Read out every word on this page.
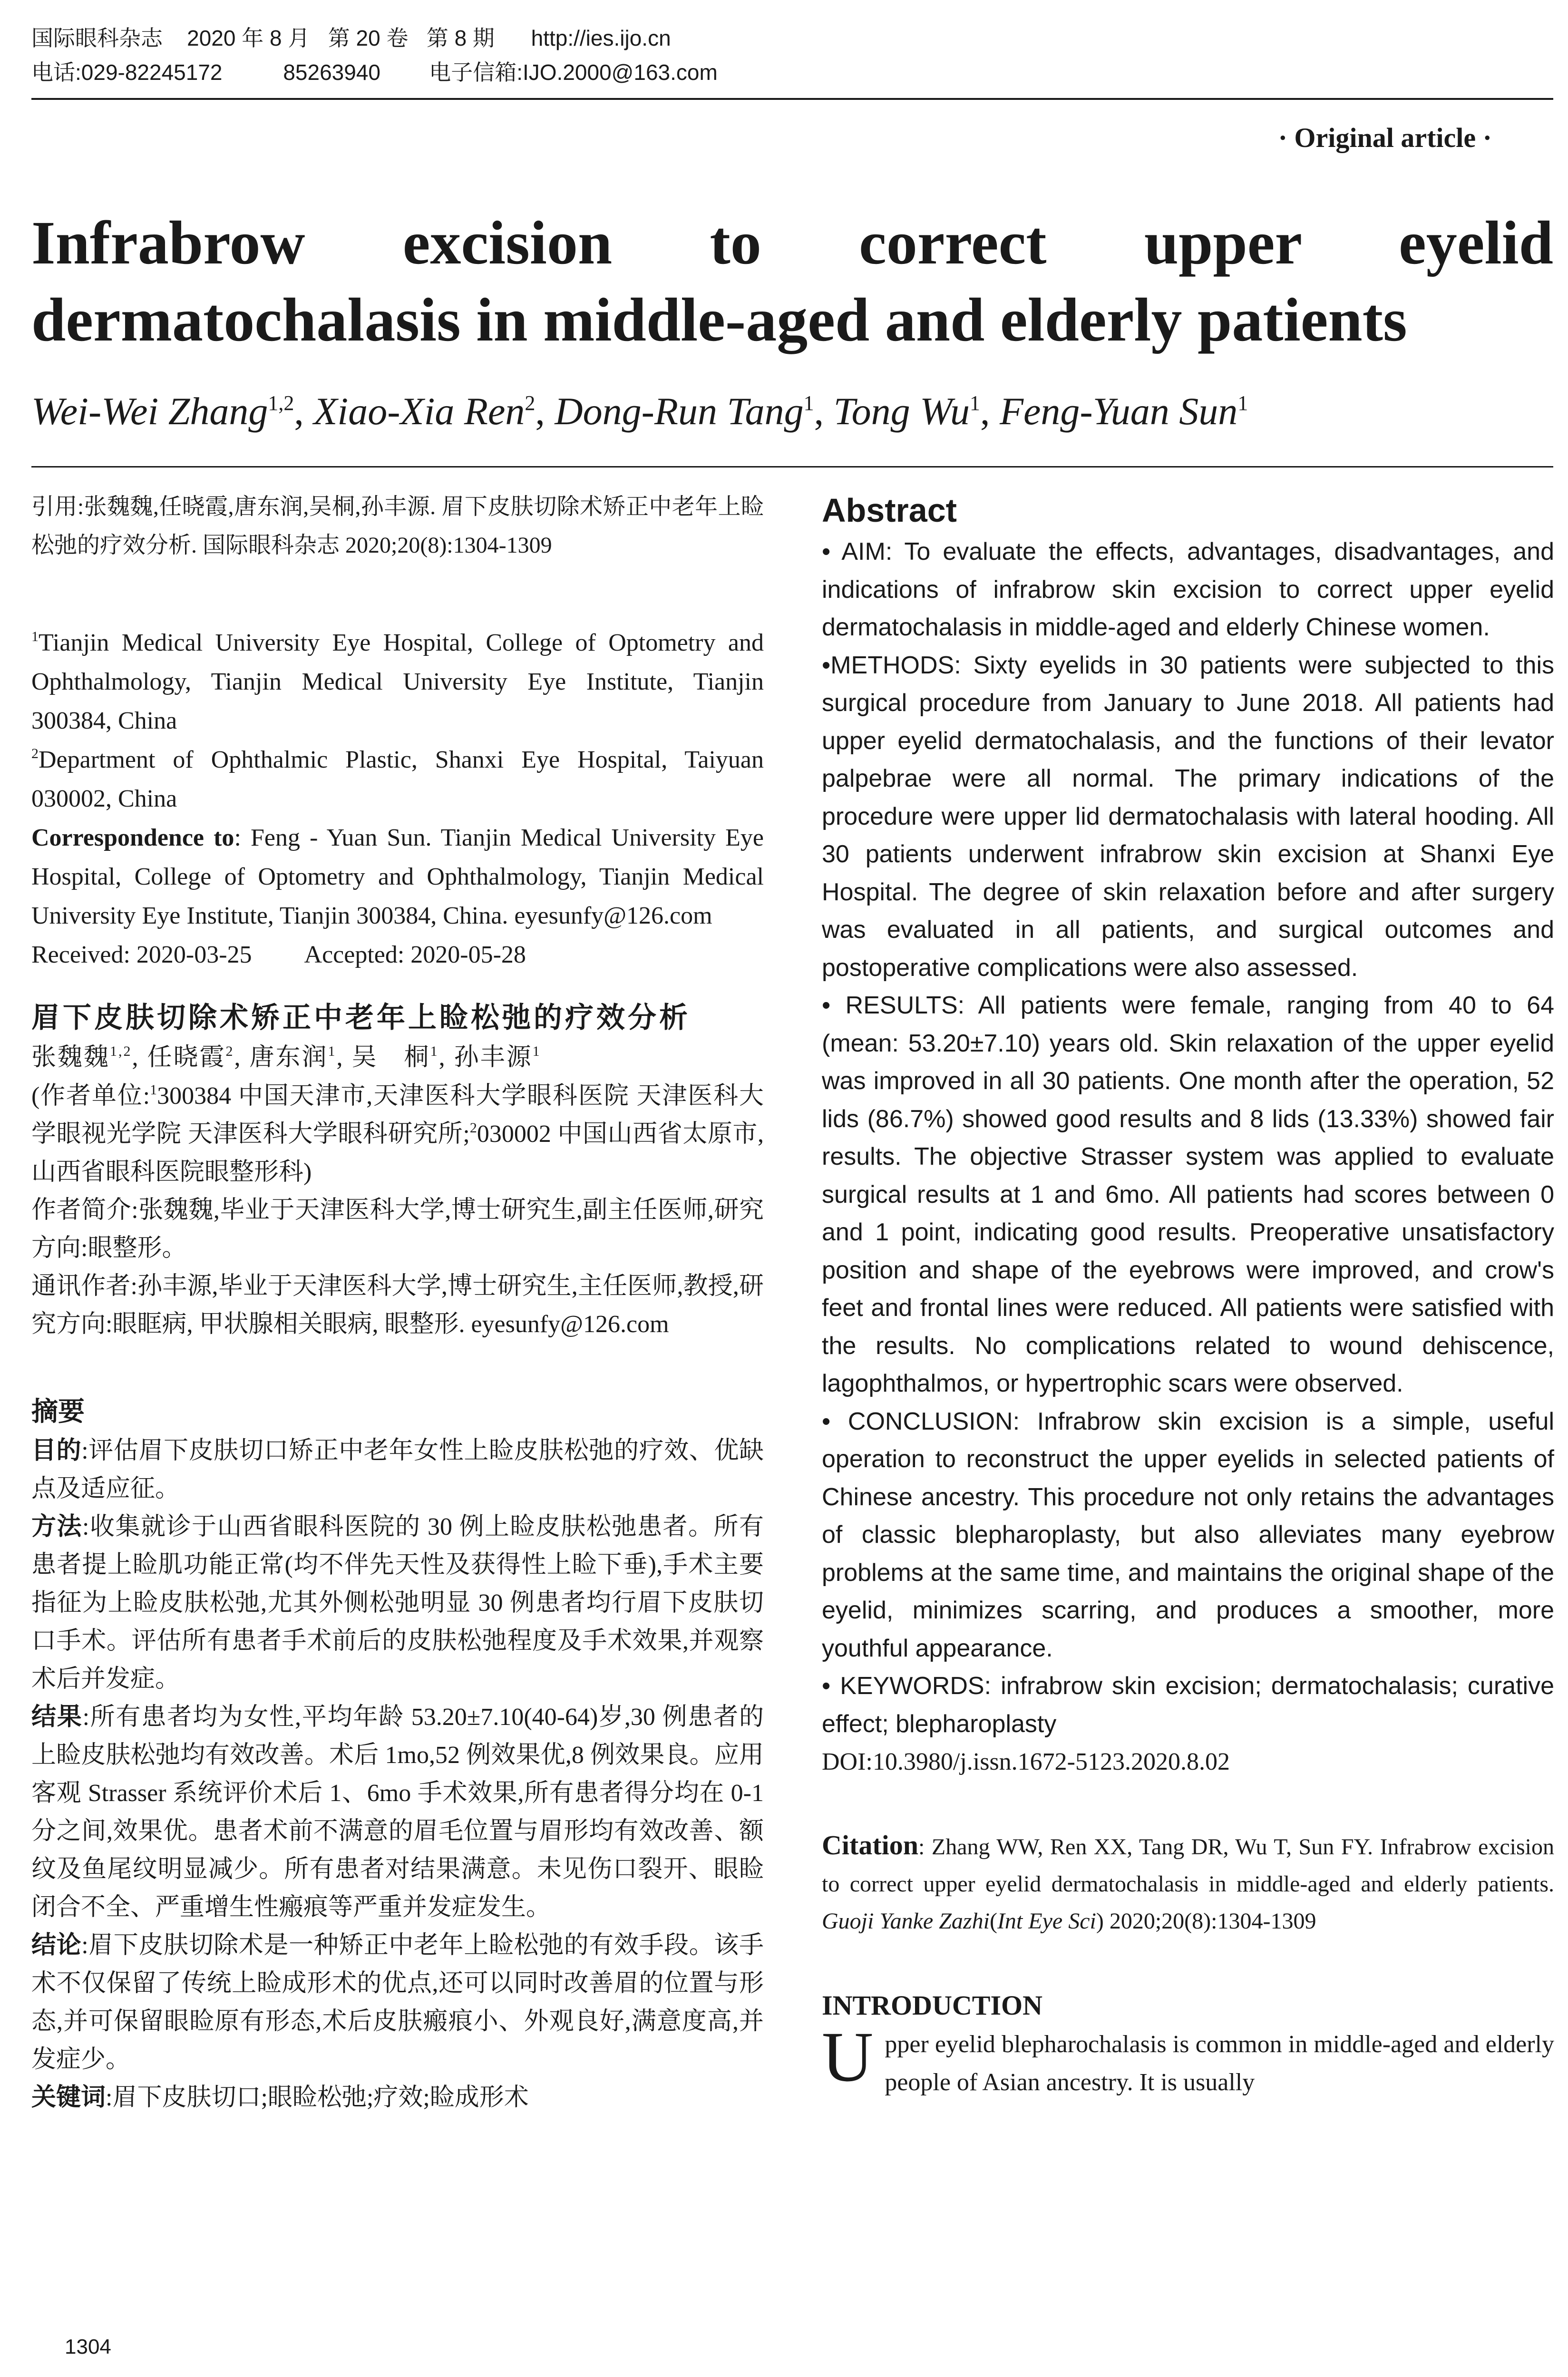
国际眼科杂志    2020 年 8 月   第 20 卷   第 8 期      http://ies.ijo.cn
电话:029-82245172          85263940        电子信箱:IJO.2000@163.com
· Original article ·
Infrabrow excision to correct upper eyelid
dermatochalasis in middle-aged and elderly patients
Wei-Wei Zhang$^{1,2}$, Xiao-Xia Ren$^2$, Dong-Run Tang$^1$, Tong Wu$^1$, Feng-Yuan Sun$^1$

引用:张魏魏,任晓霞,唐东润,吴桐,孙丰源. 眉下皮肤切除术矫正中老年上睑松弛的疗效分析. 国际眼科杂志 2020;20(8):1304-1309

$^1$Tianjin Medical University Eye Hospital, College of Optometry and Ophthalmology, Tianjin Medical University Eye Institute, Tianjin 300384, China

$^2$Department of Ophthalmic Plastic, Shanxi Eye Hospital, Taiyuan 030002, China

Correspondence to: Feng - Yuan Sun. Tianjin Medical University Eye Hospital, College of Optometry and Ophthalmology, Tianjin Medical University Eye Institute, Tianjin 300384, China. eyesunfy@126.com

Received: 2020-03-25 Accepted: 2020-05-28

眉下皮肤切除术矫正中老年上睑松弛的疗效分析

张魏魏$^{1,2}$, 任晓霞$^2$, 唐东润$^1$, 吴　桐$^1$, 孙丰源$^1$

(作者单位:$^1$300384 中国天津市,天津医科大学眼科医院 天津医科大学眼视光学院 天津医科大学眼科研究所;$^2$030002 中国山西省太原市,山西省眼科医院眼整形科)

作者简介:张魏魏,毕业于天津医科大学,博士研究生,副主任医师,研究方向:眼整形。

通讯作者:孙丰源,毕业于天津医科大学,博士研究生,主任医师,教授,研究方向:眼眶病, 甲状腺相关眼病, 眼整形. eyesunfy@126.com

摘要

目的:评估眉下皮肤切口矫正中老年女性上睑皮肤松弛的疗效、优缺点及适应征。

方法:收集就诊于山西省眼科医院的 30 例上睑皮肤松弛患者。所有患者提上睑肌功能正常(均不伴先天性及获得性上睑下垂),手术主要指征为上睑皮肤松弛,尤其外侧松弛明显 30 例患者均行眉下皮肤切口手术。评估所有患者手术前后的皮肤松弛程度及手术效果,并观察术后并发症。

结果:所有患者均为女性,平均年龄 53.20±7.10(40-64)岁,30 例患者的上睑皮肤松弛均有效改善。术后 1mo,52 例效果优,8 例效果良。应用客观 Strasser 系统评价术后 1、6mo 手术效果,所有患者得分均在 0-1 分之间,效果优。患者术前不满意的眉毛位置与眉形均有效改善、额纹及鱼尾纹明显减少。所有患者对结果满意。未见伤口裂开、眼睑闭合不全、严重增生性瘢痕等严重并发症发生。

结论:眉下皮肤切除术是一种矫正中老年上睑松弛的有效手段。该手术不仅保留了传统上睑成形术的优点,还可以同时改善眉的位置与形态,并可保留眼睑原有形态,术后皮肤瘢痕小、外观良好,满意度高,并发症少。

关键词:眉下皮肤切口;眼睑松弛;疗效;睑成形术

Abstract

• AIM: To evaluate the effects, advantages, disadvantages, and indications of infrabrow skin excision to correct upper eyelid dermatochalasis in middle-aged and elderly Chinese women.

•METHODS: Sixty eyelids in 30 patients were subjected to this surgical procedure from January to June 2018. All patients had upper eyelid dermatochalasis, and the functions of their levator palpebrae were all normal. The primary indications of the procedure were upper lid dermatochalasis with lateral hooding. All 30 patients underwent infrabrow skin excision at Shanxi Eye Hospital. The degree of skin relaxation before and after surgery was evaluated in all patients, and surgical outcomes and postoperative complications were also assessed.

• RESULTS: All patients were female, ranging from 40 to 64 (mean: 53.20±7.10) years old. Skin relaxation of the upper eyelid was improved in all 30 patients. One month after the operation, 52 lids (86.7%) showed good results and 8 lids (13.33%) showed fair results. The objective Strasser system was applied to evaluate surgical results at 1 and 6mo. All patients had scores between 0 and 1 point, indicating good results. Preoperative unsatisfactory position and shape of the eyebrows were improved, and crow's feet and frontal lines were reduced. All patients were satisfied with the results. No complications related to wound dehiscence, lagophthalmos, or hypertrophic scars were observed.

• CONCLUSION: Infrabrow skin excision is a simple, useful operation to reconstruct the upper eyelids in selected patients of Chinese ancestry. This procedure not only retains the advantages of classic blepharoplasty, but also alleviates many eyebrow problems at the same time, and maintains the original shape of the eyelid, minimizes scarring, and produces a smoother, more youthful appearance.

• KEYWORDS: infrabrow skin excision; dermatochalasis; curative effect; blepharoplasty

DOI:10.3980/j.issn.1672-5123.2020.8.02

Citation: Zhang WW, Ren XX, Tang DR, Wu T, Sun FY. Infrabrow excision to correct upper eyelid dermatochalasis in middle-aged and elderly patients. Guoji Yanke Zazhi(Int Eye Sci) 2020;20(8):1304-1309

INTRODUCTION

Upper eyelid blepharochalasis is common in middle-aged and elderly people of Asian ancestry. It is usually

1304
